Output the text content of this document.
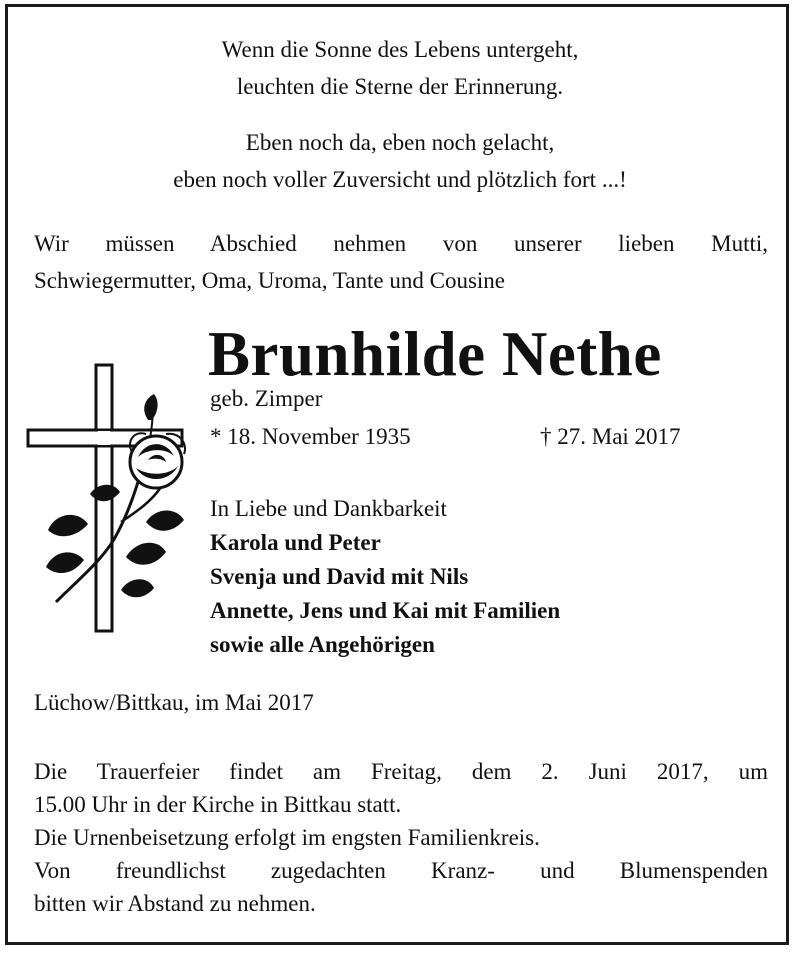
Wenn die Sonne des Lebens untergeht,
leuchten die Sterne der Erinnerung.
Eben noch da, eben noch gelacht,
eben noch voller Zuversicht und plötzlich fort ...!
Wir müssen Abschied nehmen von unserer lieben Mutti,
Schwiegermutter, Oma, Uroma, Tante und Cousine
Brunhilde Nethe
geb. Zimper
* 18. November 1935	† 27. Mai 2017
In Liebe und Dankbarkeit
Karola und Peter
Svenja und David mit Nils
Annette, Jens und Kai mit Familien
sowie alle Angehörigen
Lüchow/Bittkau, im Mai 2017
Die Trauerfeier findet am Freitag, dem 2. Juni 2017, um
15.00 Uhr in der Kirche in Bittkau statt.
Die Urnenbeisetzung erfolgt im engsten Familienkreis.
Von freundlichst zugedachten Kranz- und Blumenspenden
bitten wir Abstand zu nehmen.
